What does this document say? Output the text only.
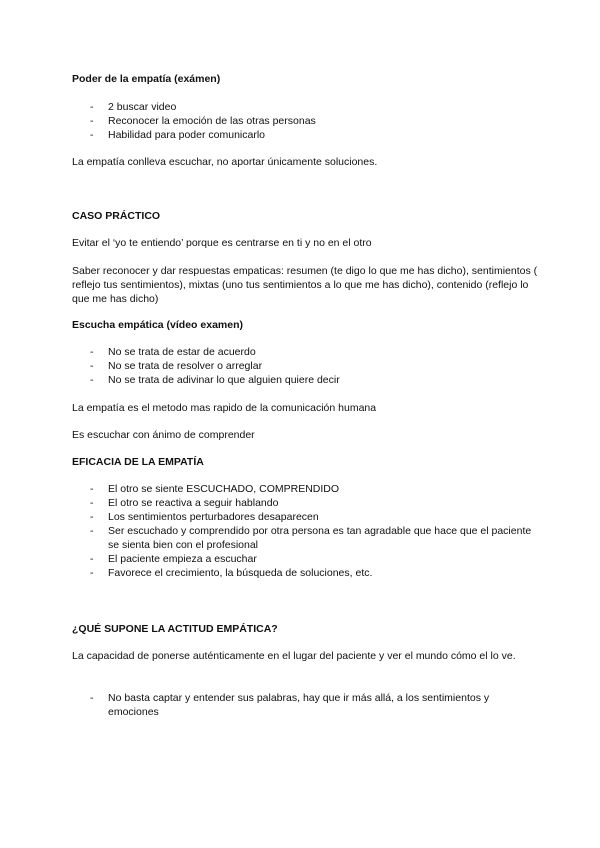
Poder de la empatía (exámen)
- 2 buscar video
- Reconocer la emoción de las otras personas
- Habilidad para poder comunicarlo

La empatía conlleva escuchar, no aportar únicamente soluciones.

CASO PRÁCTICO

Evitar el ‘yo te entiendo’ porque es centrarse en ti y no en el otro

Saber reconocer y dar respuestas empaticas: resumen (te digo lo que me has dicho), sentimientos ( reflejo tus sentimientos), mixtas (uno tus sentimientos a lo que me has dicho), contenido (reflejo lo que me has dicho)

Escucha empática (vídeo examen)
- No se trata de estar de acuerdo
- No se trata de resolver o arreglar
- No se trata de adivinar lo que alguien quiere decir

La empatía es el metodo mas rapido de la comunicación humana

Es escuchar con ánimo de comprender

EFICACIA DE LA EMPATÍA
- El otro se siente ESCUCHADO, COMPRENDIDO
- El otro se reactiva a seguir hablando
- Los sentimientos perturbadores desaparecen
- Ser escuchado y comprendido por otra persona es tan agradable que hace que el paciente se sienta bien con el profesional
- El paciente empieza a escuchar
- Favorece el crecimiento, la búsqueda de soluciones, etc.
¿QUÉ SUPONE LA ACTITUD EMPÁTICA?

La capacidad de ponerse auténticamente en el lugar del paciente y ver el mundo cómo el lo ve.

- No basta captar y entender sus palabras, hay que ir más allá, a los sentimientos y emociones
